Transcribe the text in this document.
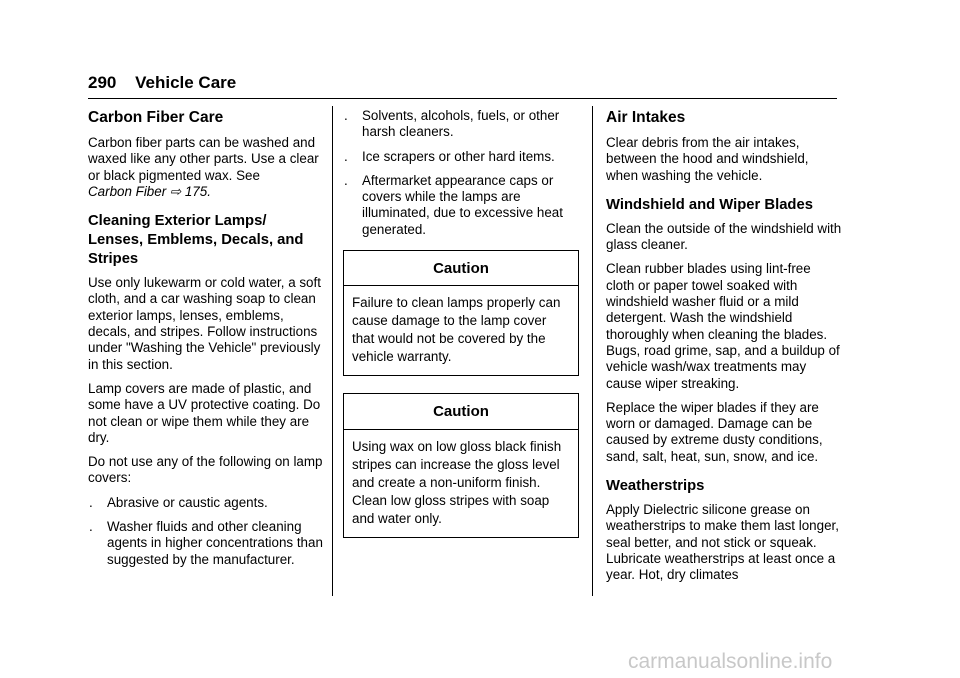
290 Vehicle Care
Carbon Fiber Care

Carbon fiber parts can be washed and waxed like any other parts. Use a clear or black pigmented wax. See
Carbon Fiber ⇨ 175.

Cleaning Exterior Lamps/ Lenses, Emblems, Decals, and Stripes

Use only lukewarm or cold water, a soft cloth, and a car washing soap to clean exterior lamps, lenses, emblems, decals, and stripes. Follow instructions under "Washing the Vehicle" previously in this section.

Lamp covers are made of plastic, and some have a UV protective coating. Do not clean or wipe them while they are dry.

Do not use any of the following on lamp covers:

.	Abrasive or caustic agents.
.	Washer fluids and other cleaning agents in higher concentrations than suggested by the manufacturer.
.	Solvents, alcohols, fuels, or other harsh cleaners.
.	Ice scrapers or other hard items.
.	Aftermarket appearance caps or covers while the lamps are illuminated, due to excessive heat generated.
Caution
Failure to clean lamps properly can cause damage to the lamp cover that would not be covered by the vehicle warranty.
Caution
Using wax on low gloss black finish stripes can increase the gloss level and create a non-uniform finish. Clean low gloss stripes with soap and water only.
Air Intakes

Clear debris from the air intakes, between the hood and windshield, when washing the vehicle.

Windshield and Wiper Blades

Clean the outside of the windshield with glass cleaner.

Clean rubber blades using lint-free cloth or paper towel soaked with windshield washer fluid or a mild detergent. Wash the windshield thoroughly when cleaning the blades. Bugs, road grime, sap, and a buildup of vehicle wash/wax treatments may cause wiper streaking.

Replace the wiper blades if they are worn or damaged. Damage can be caused by extreme dusty conditions, sand, salt, heat, sun, snow, and ice.

Weatherstrips

Apply Dielectric silicone grease on weatherstrips to make them last longer, seal better, and not stick or squeak. Lubricate weatherstrips at least once a year. Hot, dry climates

carmanualsonline.info
